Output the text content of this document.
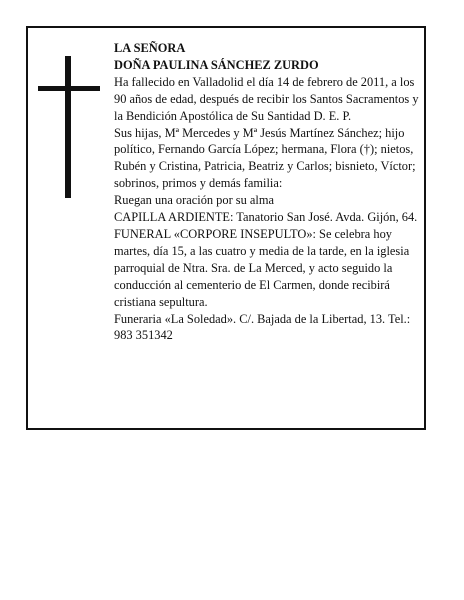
LA SEÑORA

DOÑA PAULINA SÁNCHEZ ZURDO

Ha fallecido en Valladolid el día 14 de febrero de 2011, a los 90 años de edad, después de recibir los Santos Sacramentos y la Bendición Apostólica de Su Santidad D. E. P.

Sus hijas, Mª Mercedes y Mª Jesús Martínez Sánchez; hijo político, Fernando García López; hermana, Flora (†); nietos, Rubén y Cristina, Patricia, Beatriz y Carlos; bisnieto, Víctor; sobrinos, primos y demás familia:

Ruegan una oración por su alma

CAPILLA ARDIENTE: Tanatorio San José. Avda. Gijón, 64.

FUNERAL «CORPORE INSEPULTO»: Se celebra hoy martes, día 15, a las cuatro y media de la tarde, en la iglesia parroquial de Ntra. Sra. de La Merced, y acto seguido la conducción al cementerio de El Carmen, donde recibirá cristiana sepultura.

Funeraria «La Soledad». C/. Bajada de la Libertad, 13. Tel.: 983 351342
